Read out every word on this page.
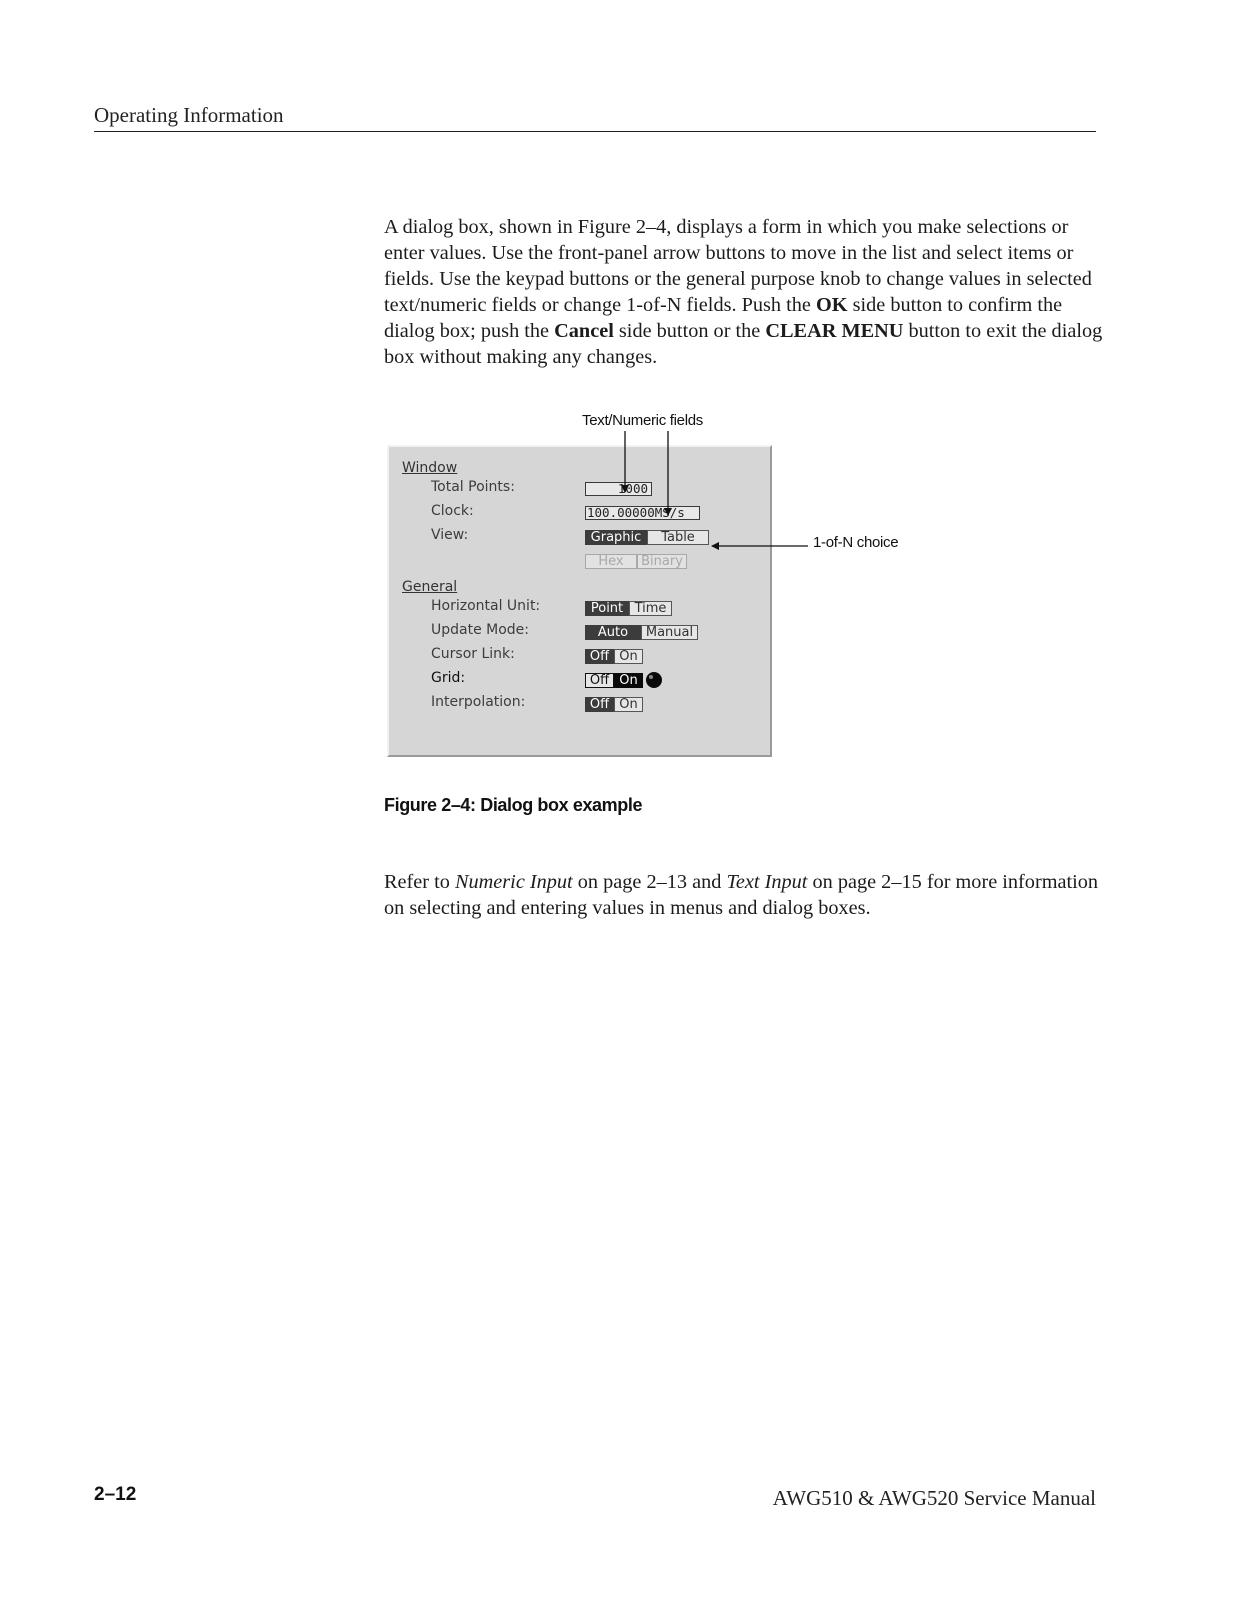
Operating Information

A dialog box, shown in Figure 2–4, displays a form in which you make selections or enter values. Use the front-panel arrow buttons to move in the list and select items or fields. Use the keypad buttons or the general purpose knob to change values in selected text/numeric fields or change 1-of-N fields. Push the OK side button to confirm the dialog box; push the Cancel side button or the CLEAR MENU button to exit the dialog box without making any changes.

Text/Numeric fields
1-of-N choice
Window
Total Points:	1000
Clock:	100.00000MS/s
View:	Graphic	Table
Hex	Binary
General
Horizontal Unit:	Point Time
Update Mode:	Auto	Manual
Cursor Link:	Off On
Grid:	Off On
Interpolation:	Off On
Figure 2–4: Dialog box example

Refer to Numeric Input on page 2–13 and Text Input on page 2–15 for more information on selecting and entering values in menus and dialog boxes.

2–12	AWG510 & AWG520 Service Manual
